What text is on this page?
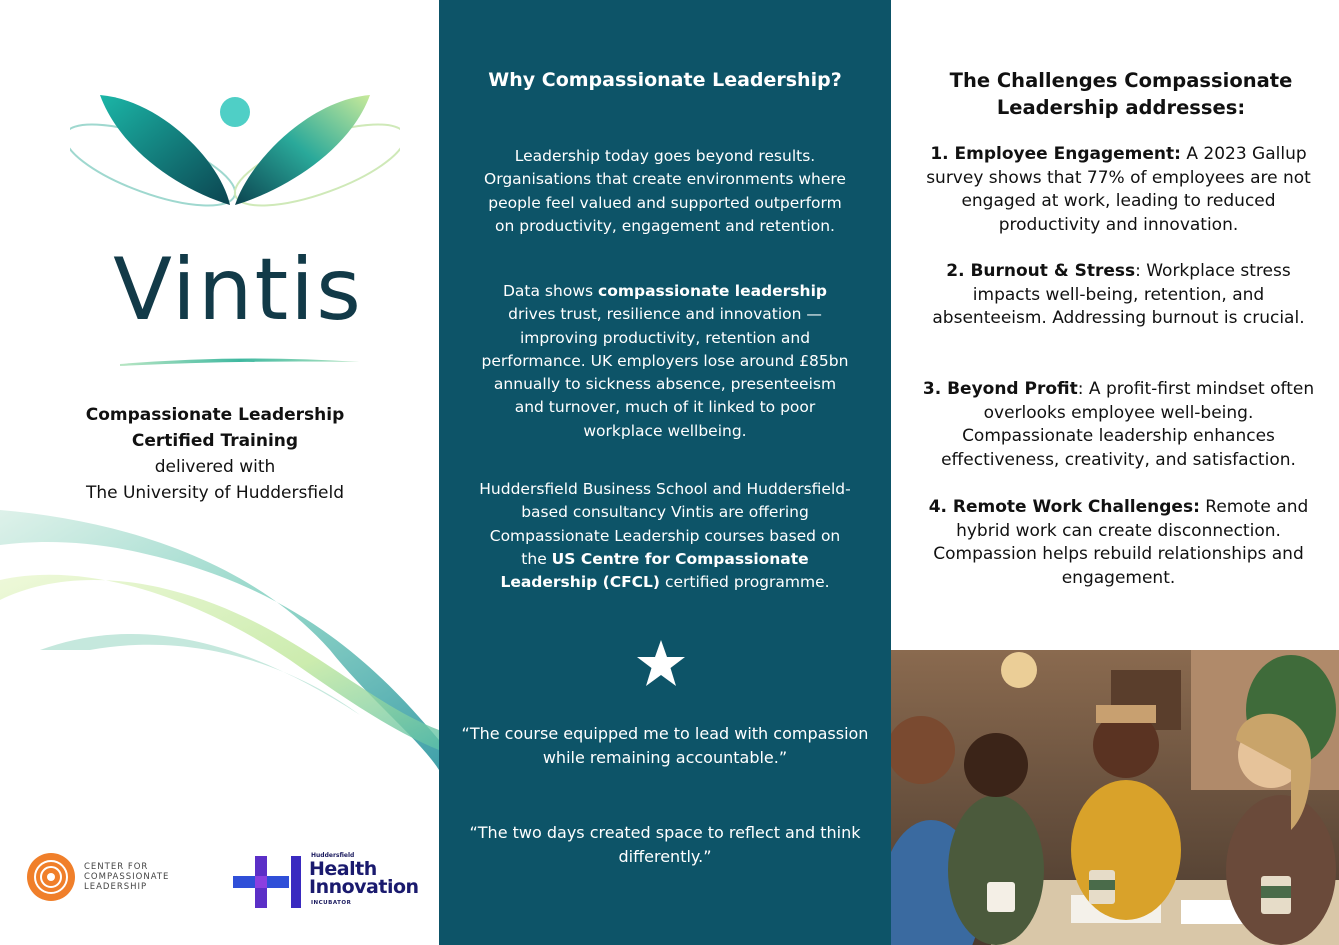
Vintis
Compassionate Leadership
Certified Training
delivered with
The University of Huddersfield
CENTER FOR
COMPASSIONATE
LEADERSHIP
Huddersfield
Health
Innovation
INCUBATOR
Why Compassionate Leadership?
Leadership today goes beyond results. Organisations that create environments where people feel valued and supported outperform on productivity, engagement and retention.
Data shows compassionate leadership drives trust, resilience and innovation — improving productivity, retention and performance. UK employers lose around £85bn annually to sickness absence, presenteeism and turnover, much of it linked to poor workplace wellbeing.
Huddersfield Business School and Huddersfield-based consultancy Vintis are offering Compassionate Leadership courses based on the US Centre for Compassionate Leadership (CFCL) certified programme.
“The course equipped me to lead with compassion while remaining accountable.”
“The two days created space to reflect and think differently.”
The Challenges Compassionate Leadership addresses:
1. Employee Engagement: A 2023 Gallup survey shows that 77% of employees are not engaged at work, leading to reduced productivity and innovation.
2. Burnout & Stress: Workplace stress impacts well-being, retention, and absenteeism. Addressing burnout is crucial.
3. Beyond Profit: A profit-first mindset often overlooks employee well-being. Compassionate leadership enhances effectiveness, creativity, and satisfaction.
4. Remote Work Challenges: Remote and hybrid work can create disconnection. Compassion helps rebuild relationships and engagement.
